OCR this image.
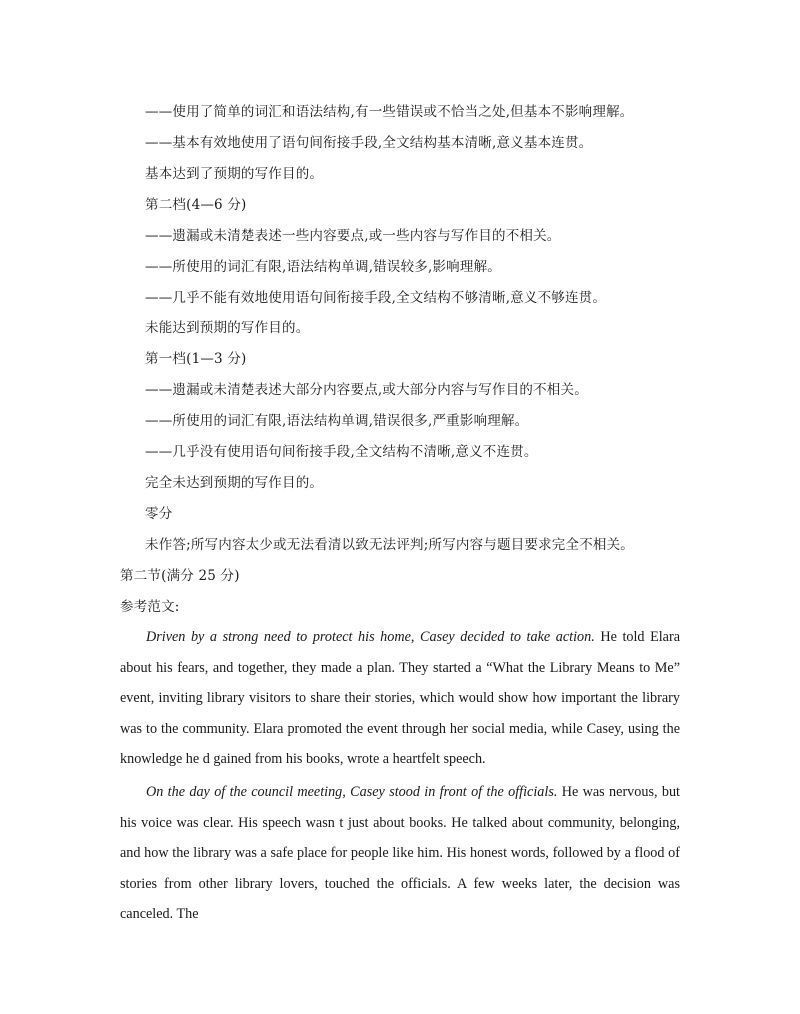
——使用了简单的词汇和语法结构,有一些错误或不恰当之处,但基本不影响理解。
——基本有效地使用了语句间衔接手段,全文结构基本清晰,意义基本连贯。
基本达到了预期的写作目的。
第二档(4—6 分)
——遗漏或未清楚表述一些内容要点,或一些内容与写作目的不相关。
——所使用的词汇有限,语法结构单调,错误较多,影响理解。
——几乎不能有效地使用语句间衔接手段,全文结构不够清晰,意义不够连贯。
未能达到预期的写作目的。
第一档(1—3 分)
——遗漏或未清楚表述大部分内容要点,或大部分内容与写作目的不相关。
——所使用的词汇有限,语法结构单调,错误很多,严重影响理解。
——几乎没有使用语句间衔接手段,全文结构不清晰,意义不连贯。
完全未达到预期的写作目的。
零分
未作答;所写内容太少或无法看清以致无法评判;所写内容与题目要求完全不相关。
第二节(满分 25 分)
参考范文:

Driven by a strong need to protect his home, Casey decided to take action. He told Elara about his fears, and together, they made a plan. They started a “What the Library Means to Me” event, inviting library visitors to share their stories, which would show how important the library was to the community. Elara promoted the event through her social media, while Casey, using the knowledge he d gained from his books, wrote a heartfelt speech.

On the day of the council meeting, Casey stood in front of the officials. He was nervous, but his voice was clear. His speech wasn t just about books. He talked about community, belonging, and how the library was a safe place for people like him. His honest words, followed by a flood of stories from other library lovers, touched the officials. A few weeks later, the decision was canceled. The
